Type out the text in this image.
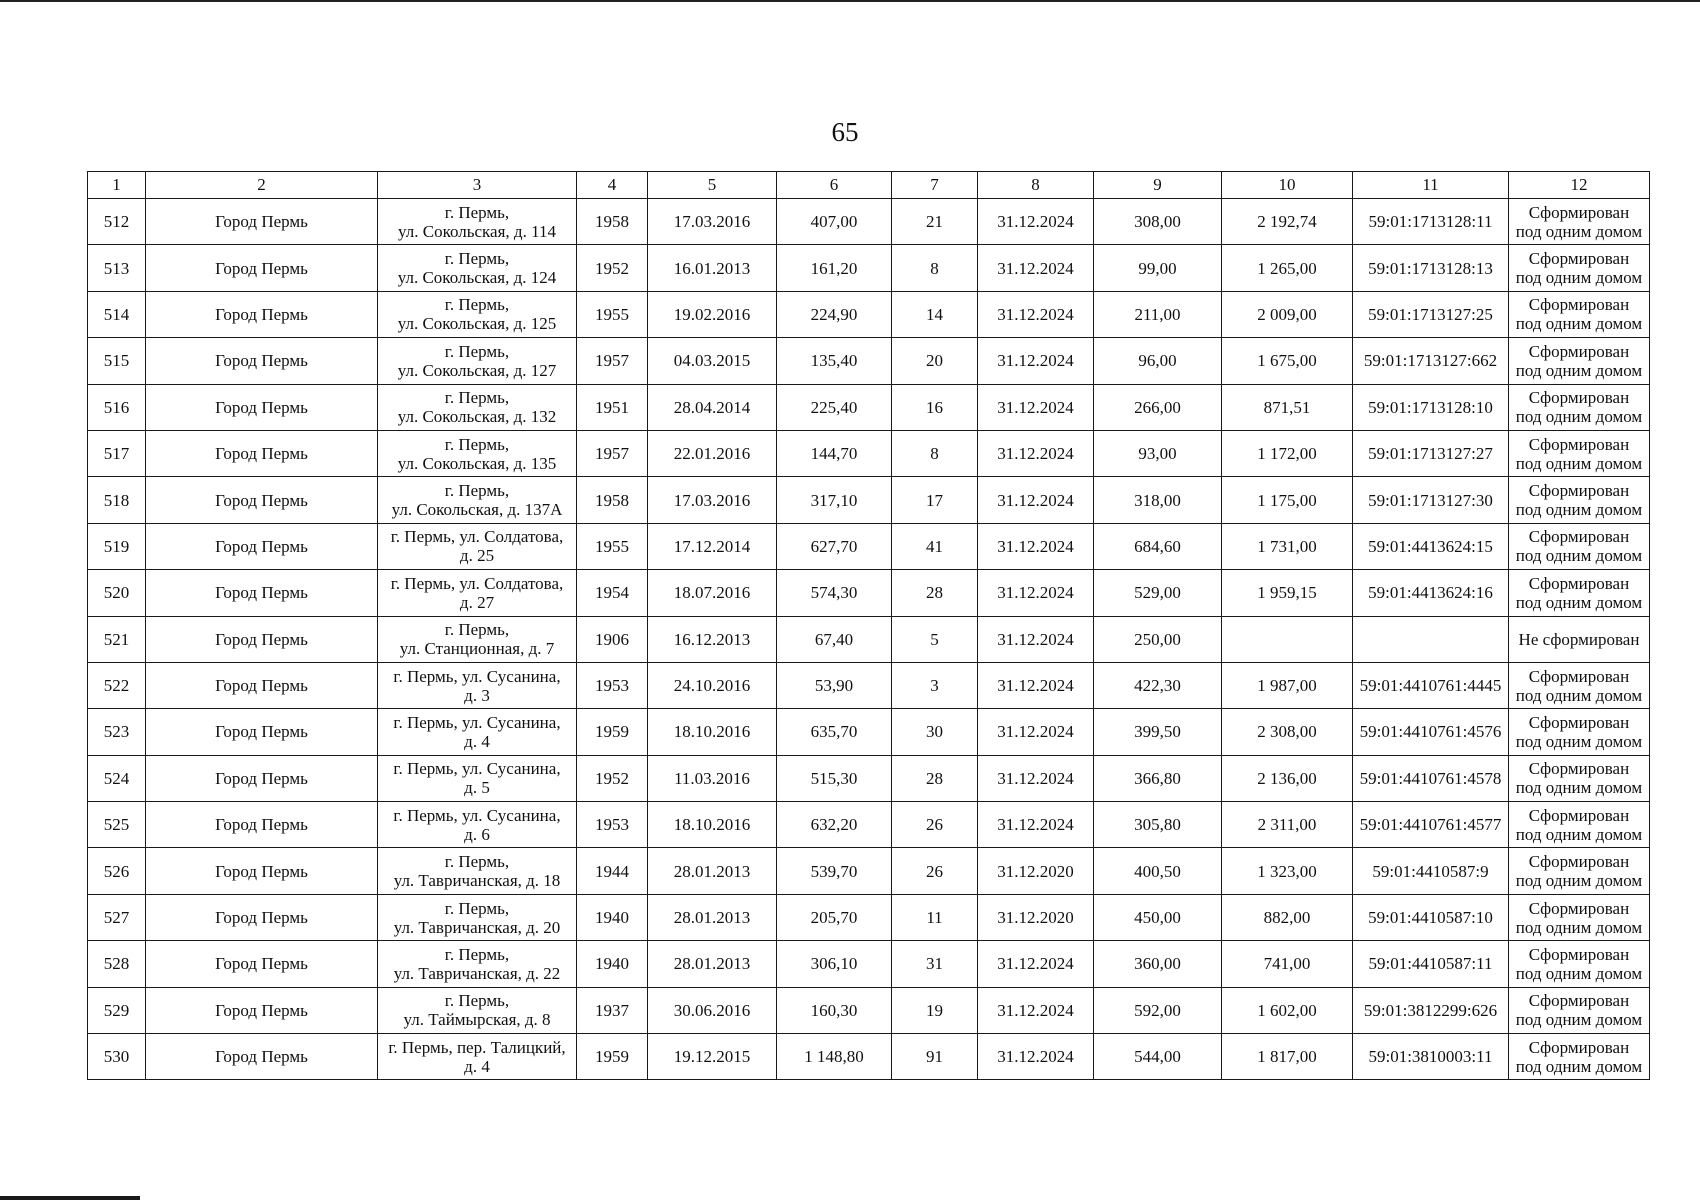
65
1	2	3	4	5	6	7	8	9	10	11	12
512	Город Пермь	г. Пермь,
ул. Сокольская, д. 114	1958	17.03.2016	407,00	21	31.12.2024	308,00	2 192,74	59:01:1713128:11	Сформирован
под одним домом

513	Город Пермь	г. Пермь,
ул. Сокольская, д. 124	1952	16.01.2013	161,20	8	31.12.2024	99,00	1 265,00	59:01:1713128:13	Сформирован
под одним домом

514	Город Пермь	г. Пермь,
ул. Сокольская, д. 125	1955	19.02.2016	224,90	14	31.12.2024	211,00	2 009,00	59:01:1713127:25	Сформирован
под одним домом

515	Город Пермь	г. Пермь,
ул. Сокольская, д. 127	1957	04.03.2015	135,40	20	31.12.2024	96,00	1 675,00	59:01:1713127:662	Сформирован
под одним домом

516	Город Пермь	г. Пермь,
ул. Сокольская, д. 132	1951	28.04.2014	225,40	16	31.12.2024	266,00	871,51	59:01:1713128:10	Сформирован
под одним домом

517	Город Пермь	г. Пермь,
ул. Сокольская, д. 135	1957	22.01.2016	144,70	8	31.12.2024	93,00	1 172,00	59:01:1713127:27	Сформирован
под одним домом

518	Город Пермь	г. Пермь,
ул. Сокольская, д. 137А	1958	17.03.2016	317,10	17	31.12.2024	318,00	1 175,00	59:01:1713127:30	Сформирован
под одним домом

519	Город Пермь	г. Пермь, ул. Солдатова,
д. 25	1955	17.12.2014	627,70	41	31.12.2024	684,60	1 731,00	59:01:4413624:15	Сформирован
под одним домом

520	Город Пермь	г. Пермь, ул. Солдатова,
д. 27	1954	18.07.2016	574,30	28	31.12.2024	529,00	1 959,15	59:01:4413624:16	Сформирован
под одним домом

521	Город Пермь	г. Пермь,
ул. Станционная, д. 7	1906	16.12.2013	67,40	5	31.12.2024	250,00			Не сформирован

522	Город Пермь	г. Пермь, ул. Сусанина,
д. 3	1953	24.10.2016	53,90	3	31.12.2024	422,30	1 987,00	59:01:4410761:4445	Сформирован
под одним домом

523	Город Пермь	г. Пермь, ул. Сусанина,
д. 4	1959	18.10.2016	635,70	30	31.12.2024	399,50	2 308,00	59:01:4410761:4576	Сформирован
под одним домом

524	Город Пермь	г. Пермь, ул. Сусанина,
д. 5	1952	11.03.2016	515,30	28	31.12.2024	366,80	2 136,00	59:01:4410761:4578	Сформирован
под одним домом

525	Город Пермь	г. Пермь, ул. Сусанина,
д. 6	1953	18.10.2016	632,20	26	31.12.2024	305,80	2 311,00	59:01:4410761:4577	Сформирован
под одним домом

526	Город Пермь	г. Пермь,
ул. Тавричанская, д. 18	1944	28.01.2013	539,70	26	31.12.2020	400,50	1 323,00	59:01:4410587:9	Сформирован
под одним домом

527	Город Пермь	г. Пермь,
ул. Тавричанская, д. 20	1940	28.01.2013	205,70	11	31.12.2020	450,00	882,00	59:01:4410587:10	Сформирован
под одним домом

528	Город Пермь	г. Пермь,
ул. Тавричанская, д. 22	1940	28.01.2013	306,10	31	31.12.2024	360,00	741,00	59:01:4410587:11	Сформирован
под одним домом

529	Город Пермь	г. Пермь,
ул. Таймырская, д. 8	1937	30.06.2016	160,30	19	31.12.2024	592,00	1 602,00	59:01:3812299:626	Сформирован
под одним домом

530	Город Пермь	г. Пермь, пер. Талицкий,
д. 4	1959	19.12.2015	1 148,80	91	31.12.2024	544,00	1 817,00	59:01:3810003:11	Сформирован
под одним домом
